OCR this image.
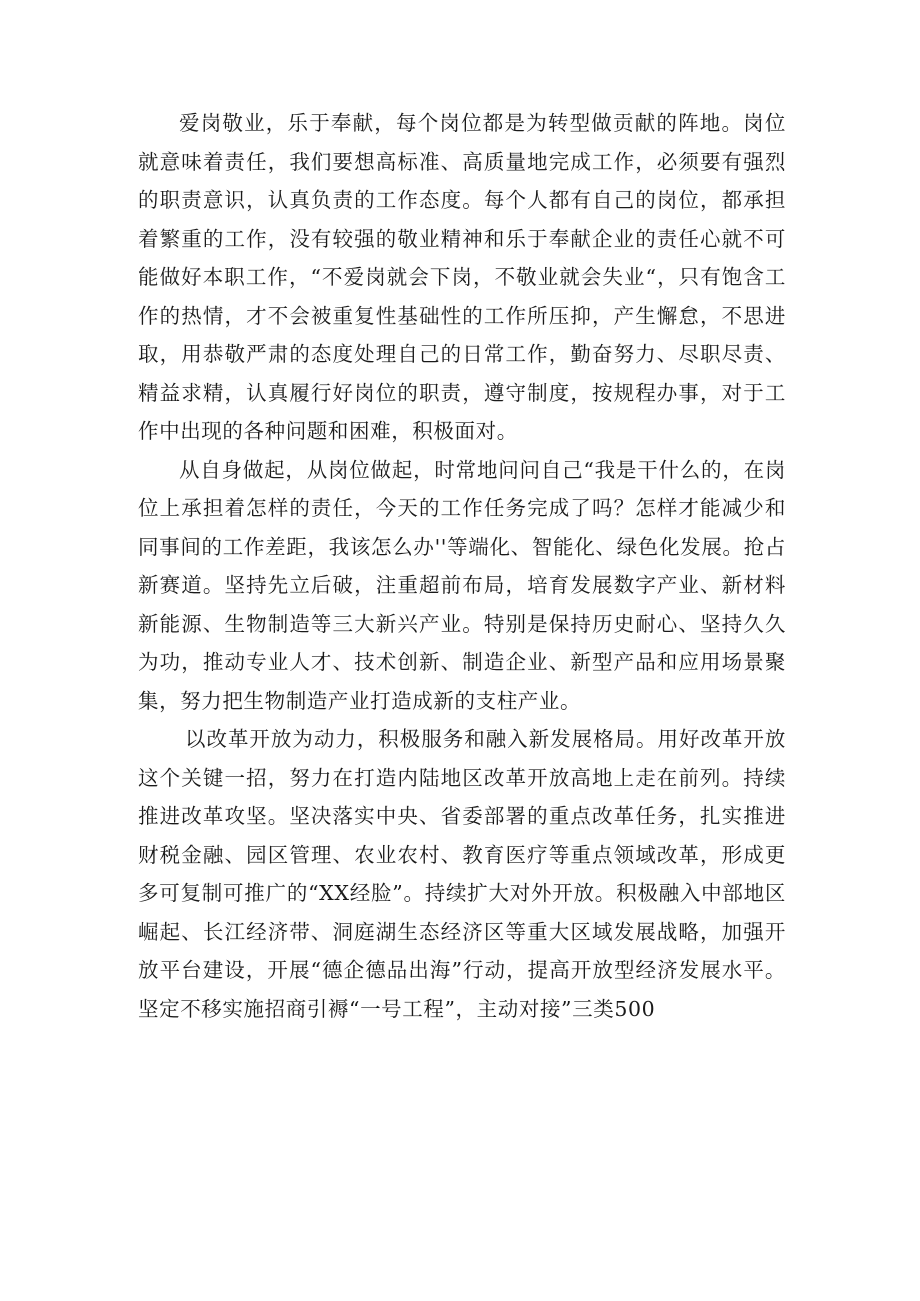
爱岗敬业，乐于奉献，每个岗位都是为转型做贡献的阵地。岗位就意味着责任，我们要想高标准、高质量地完成工作，必须要有强烈的职责意识，认真负责的工作态度。每个人都有自己的岗位，都承担着繁重的工作，没有较强的敬业精神和乐于奉献企业的责任心就不可能做好本职工作，“不爱岗就会下岗，不敬业就会失业“，只有饱含工作的热情，才不会被重复性基础性的工作所压抑，产生懈怠，不思进取，用恭敬严肃的态度处理自己的日常工作，勤奋努力、尽职尽责、精益求精，认真履行好岗位的职责，遵守制度，按规程办事，对于工作中出现的各种问题和困难，积极面对。

从自身做起，从岗位做起，时常地问问自己“我是干什么的，在岗位上承担着怎样的责任，今天的工作任务完成了吗？怎样才能减少和同事间的工作差距，我该怎么办''等端化、智能化、绿色化发展。抢占新赛道。坚持先立后破，注重超前布局，培育发展数字产业、新材料新能源、生物制造等三大新兴产业。特别是保持历史耐心、坚持久久为功，推动专业人才、技术创新、制造企业、新型产品和应用场景聚集，努力把生物制造产业打造成新的支柱产业。

以改革开放为动力，积极服务和融入新发展格局。用好改革开放这个关键一招，努力在打造内陆地区改革开放高地上走在前列。持续推进改革攻坚。坚决落实中央、省委部署的重点改革任务，扎实推进财税金融、园区管理、农业农村、教育医疗等重点领域改革，形成更多可复制可推广的“XX经脸”。持续扩大对外开放。积极融入中部地区崛起、长江经济带、洞庭湖生态经济区等重大区域发展战略，加强开放平台建设，开展“德企德品出海”行动，提高开放型经济发展水平。坚定不移实施招商引褥“一号工程”，主动对接”三类500
